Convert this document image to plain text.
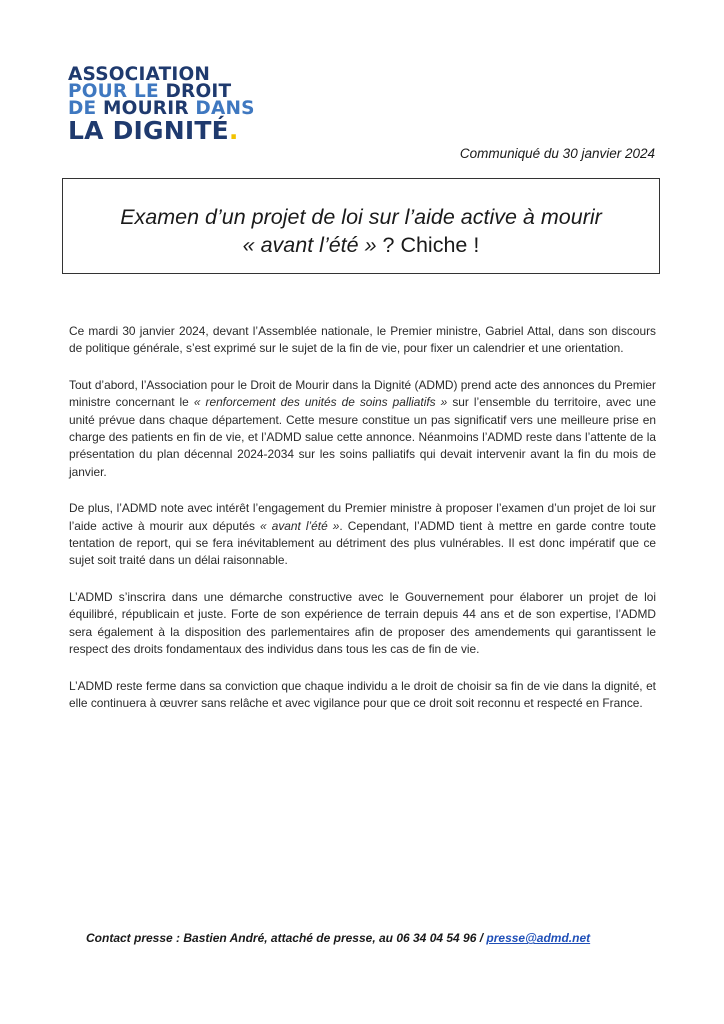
ASSOCIATION
POUR LE DROIT
DE MOURIR DANS
LA DIGNITÉ.
Communiqué du 30 janvier 2024
Examen d’un projet de loi sur l’aide active à mourir
« avant l’été » ? Chiche !

Ce mardi 30 janvier 2024, devant l’Assemblée nationale, le Premier ministre, Gabriel Attal, dans son discours de politique générale, s’est exprimé sur le sujet de la fin de vie, pour fixer un calendrier et une orientation.

Tout d’abord, l’Association pour le Droit de Mourir dans la Dignité (ADMD) prend acte des annonces du Premier ministre concernant le « renforcement des unités de soins palliatifs » sur l’ensemble du territoire, avec une unité prévue dans chaque département. Cette mesure constitue un pas significatif vers une meilleure prise en charge des patients en fin de vie, et l’ADMD salue cette annonce. Néanmoins l’ADMD reste dans l’attente de la présentation du plan décennal 2024-2034 sur les soins palliatifs qui devait intervenir avant la fin du mois de janvier.

De plus, l’ADMD note avec intérêt l’engagement du Premier ministre à proposer l’examen d’un projet de loi sur l’aide active à mourir aux députés « avant l’été ». Cependant, l’ADMD tient à mettre en garde contre toute tentation de report, qui se fera inévitablement au détriment des plus vulnérables. Il est donc impératif que ce sujet soit traité dans un délai raisonnable.

L’ADMD s’inscrira dans une démarche constructive avec le Gouvernement pour élaborer un projet de loi équilibré, républicain et juste. Forte de son expérience de terrain depuis 44 ans et de son expertise, l’ADMD sera également à la disposition des parlementaires afin de proposer des amendements qui garantissent le respect des droits fondamentaux des individus dans tous les cas de fin de vie.

L’ADMD reste ferme dans sa conviction que chaque individu a le droit de choisir sa fin de vie dans la dignité, et elle continuera à œuvrer sans relâche et avec vigilance pour que ce droit soit reconnu et respecté en France.

Contact presse : Bastien André, attaché de presse, au 06 34 04 54 96 / presse@admd.net
